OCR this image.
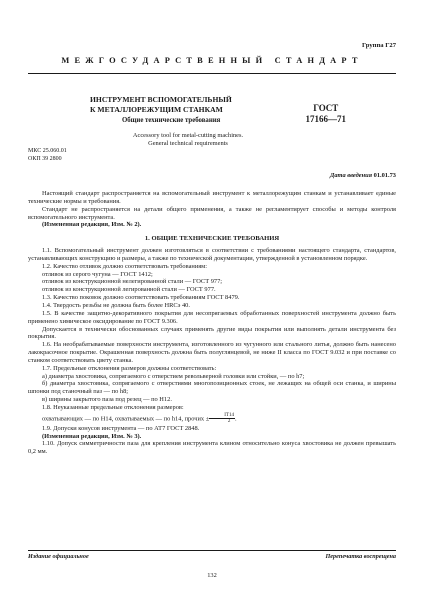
Группа Г27
МЕЖГОСУДАРСТВЕННЫЙ СТАНДАРТ
ИНСТРУМЕНТ ВСПОМОГАТЕЛЬНЫЙ
К МЕТАЛЛОРЕЖУЩИМ СТАНКАМ
Общие технические требования
Accessory tool for metal-cutting machines.
General technical requirements
ГОСТ
17166—71
МКС 25.060.01
ОКП 39 2800
Дата введения 01.01.73

Настоящий стандарт распространяется на вспомогательный инструмент к металлорежущим станкам и устанавливает единые технические нормы и требования.

Стандарт не распространяется на детали общего применения, а также не регламентирует способы и методы контроля вспомогательного инструмента.

(Измененная редакция, Изм. № 2).

1. ОБЩИЕ ТЕХНИЧЕСКИЕ ТРЕБОВАНИЯ

1.1. Вспомогательный инструмент должен изготовляться в соответствии с требованиями настоящего стандарта, стандартов, устанавливающих конструкцию и размеры, а также по технической документации, утвержденной в установленном порядке.

1.2. Качество отливок должно соответствовать требованиям:

отливок из серого чугуна — ГОСТ 1412;

отливок из конструкционной нелегированной стали — ГОСТ 977;

отливок из конструкционной легированной стали — ГОСТ 977.

1.3. Качество поковок должно соответствовать требованиям ГОСТ 8479.

1.4. Твердость резьбы не должна быть более HRCэ 40.

1.5. В качестве защитно-декоративного покрытия для несопрягаемых обработанных поверхностей инструмента должно быть применено химическое оксидирование по ГОСТ 9.306.

Допускается в технически обоснованных случаях применять другие виды покрытия или выполнять детали инструмента без покрытия.

1.6. На необрабатываемые поверхности инструмента, изготовленного из чугунного или стального литья, должно быть нанесено лакокрасочное покрытие. Окрашенная поверхность должна быть полуглянцевой, не ниже II класса по ГОСТ 9.032 и при поставке со станком соответствовать цвету станка.

1.7. Предельные отклонения размеров должны соответствовать:

а) диаметра хвостовика, сопрягаемого с отверстием револьверной головки или стойки, — по h7;

б) диаметра хвостовика, сопрягаемого с отверстиями многопозиционных стоек, не лежащих на общей оси станка, и ширины шпонки под станочный паз — по h8;

в) ширины закрытого паза под резец — по H12.

1.8. Неуказанные предельные отклонения размеров:

охватывающих — по H14, охватываемых — по h14, прочих ± $\frac{IT14}{2}$ .

1.9. Допуски конусов инструмента — по АТ7 ГОСТ 2848.

(Измененная редакция, Изм. № 3).

1.10. Допуск симметричности паза для крепления инструмента клином относительно конуса хвостовика не должен превышать 0,2 мм.

Издание официальное	Перепечатка воспрещена
132
